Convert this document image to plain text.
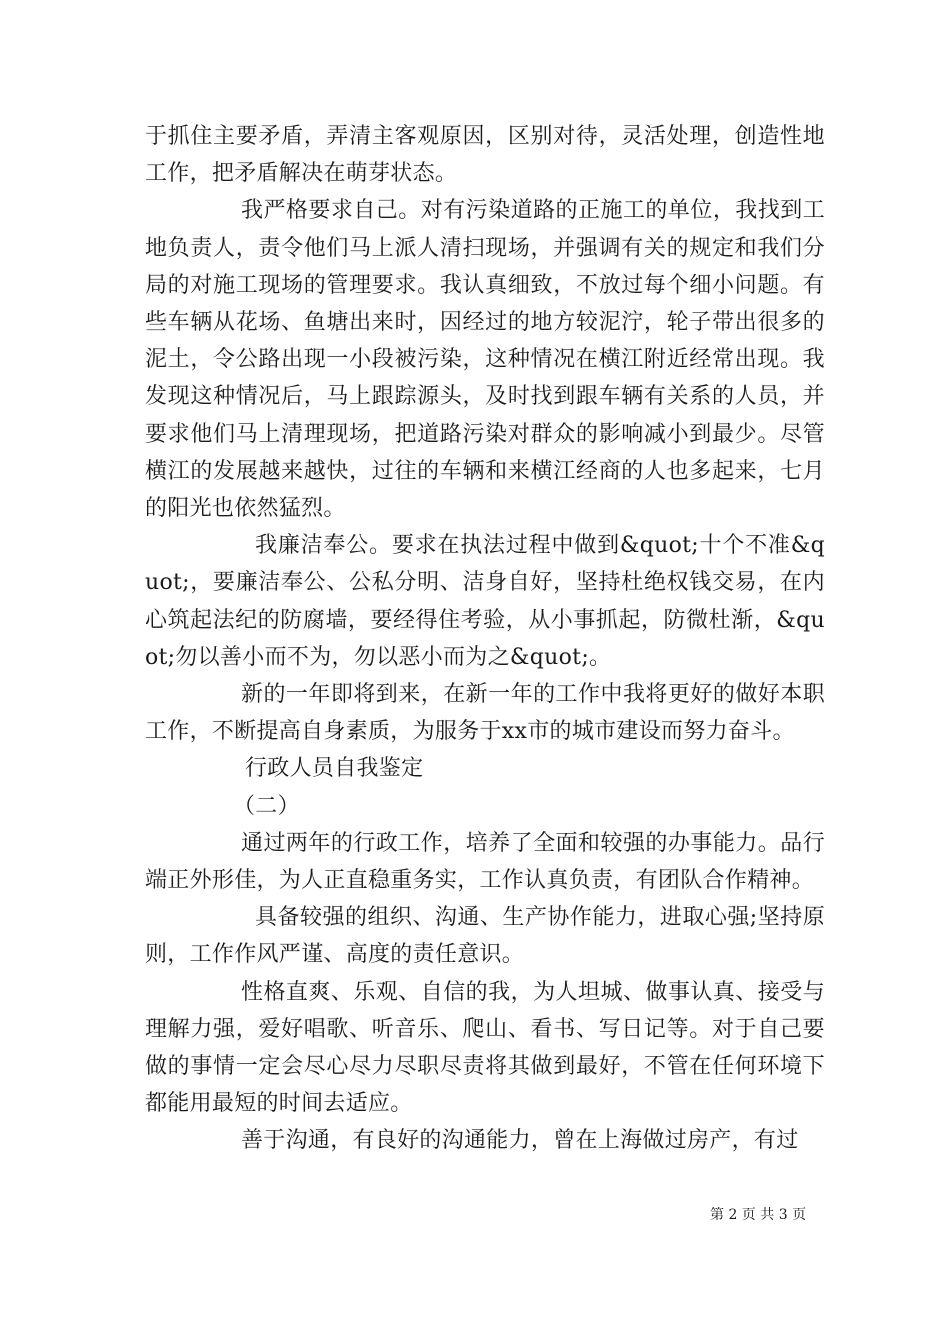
于抓住主要矛盾，弄清主客观原因，区别对待，灵活处理，创造性地工作，把矛盾解决在萌芽状态。

我严格要求自己。对有污染道路的正施工的单位，我找到工地负责人，责令他们马上派人清扫现场，并强调有关的规定和我们分局的对施工现场的管理要求。我认真细致，不放过每个细小问题。有些车辆从花场、鱼塘出来时，因经过的地方较泥泞，轮子带出很多的泥土，令公路出现一小段被污染，这种情况在横江附近经常出现。我发现这种情况后，马上跟踪源头，及时找到跟车辆有关系的人员，并要求他们马上清理现场，把道路污染对群众的影响减小到最少。尽管横江的发展越来越快，过往的车辆和来横江经商的人也多起来，七月的阳光也依然猛烈。

我廉洁奉公。要求在执法过程中做到&quot;十个不准&quot;，要廉洁奉公、公私分明、洁身自好，坚持杜绝权钱交易，在内心筑起法纪的防腐墙，要经得住考验，从小事抓起，防微杜渐，&quot;勿以善小而不为，勿以恶小而为之&quot;。

新的一年即将到来，在新一年的工作中我将更好的做好本职工作，不断提高自身素质，为服务于xx市的城市建设而努力奋斗。

行政人员自我鉴定

（二）

通过两年的行政工作，培养了全面和较强的办事能力。品行端正外形佳，为人正直稳重务实，工作认真负责，有团队合作精神。

具备较强的组织、沟通、生产协作能力，进取心强;坚持原则，工作作风严谨、高度的责任意识。

性格直爽、乐观、自信的我，为人坦城、做事认真、接受与理解力强，爱好唱歌、听音乐、爬山、看书、写日记等。对于自己要做的事情一定会尽心尽力尽职尽责将其做到最好，不管在任何环境下都能用最短的时间去适应。

善于沟通，有良好的沟通能力，曾在上海做过房产，有过

第 2 页 共 3 页
